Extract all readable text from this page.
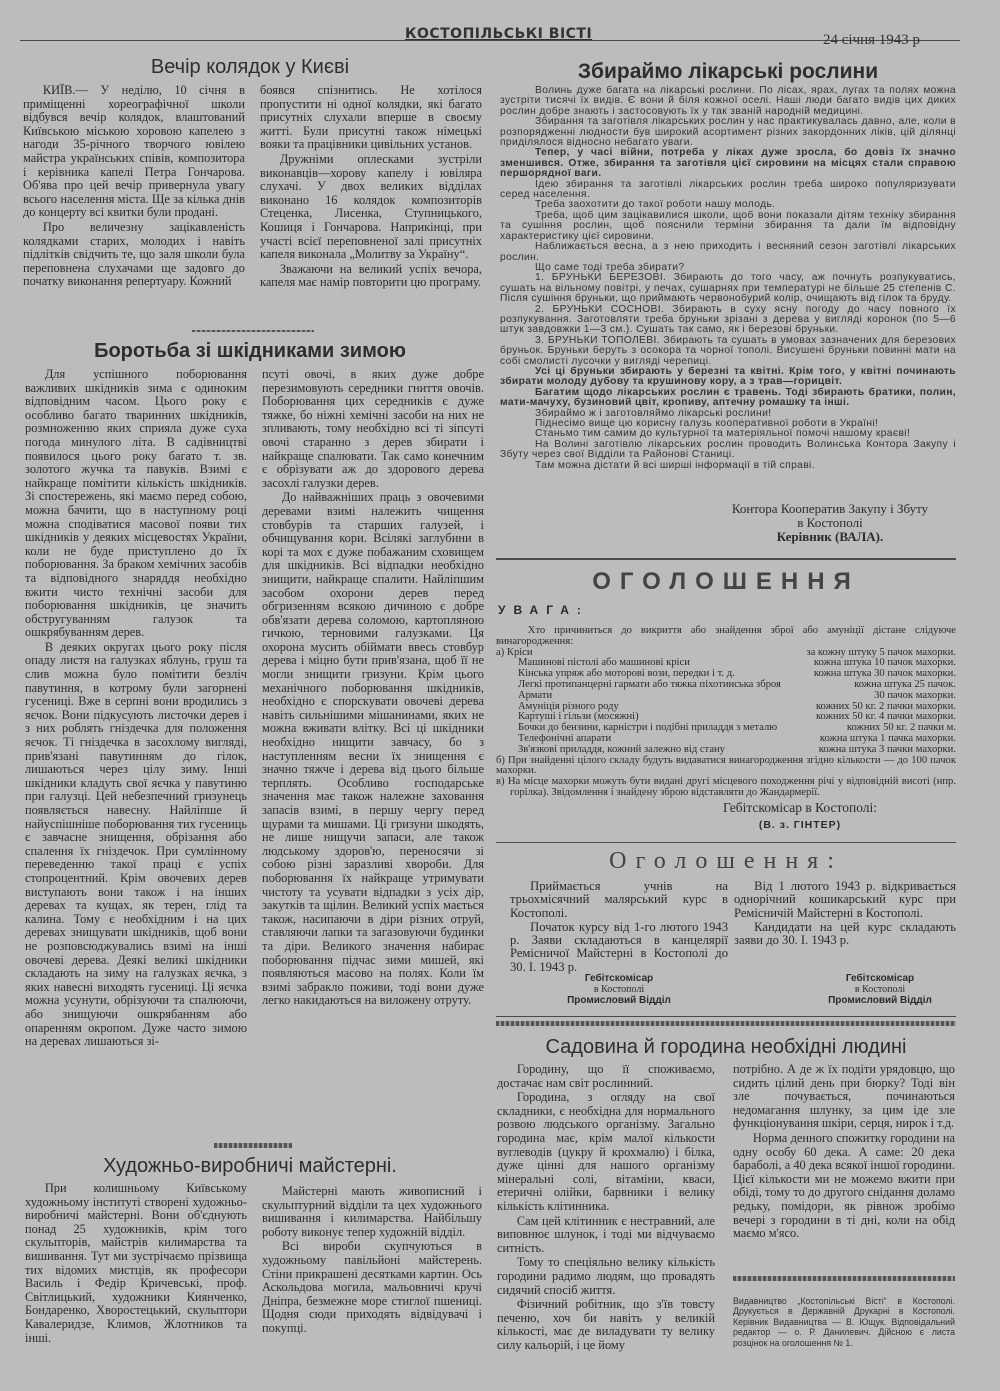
КОСТОПІЛЬСЬКІ ВІСТІ	24 січня 1943 р
Вечір колядок у Києві

КИЇВ.— У неділю, 10 січня в приміщенні хореографічної школи відбувся вечір колядок, влаштований Київською міською хоровою капелею з нагоди 35-річного творчого ювілею майстра українських співів, композитора і керівника капелі Петра Гончарова. Об'ява про цей вечір привернула увагу всього населення міста. Ще за кілька днів до концерту всі квитки були продані.

Про величезну зацікавленість колядками старих, молодих і навіть підлітків свідчить те, що заля школи була переповнена слухачами ще задовго до початку виконання репертуару. Кожний

боявся спізнитись. Не хотілося пропустити ні одної колядки, які багато присутніх слухали вперше в своєму житті. Були присутні також німецькі вояки та працівники цивільних установ.

Дружніми оплесками зустріли виконавців—хорову капелу і ювіляра слухачі. У двох великих відділах виконано 16 колядок композиторів Стеценка, Лисенка, Ступницького, Кошиця і Гончарова. Наприкінці, при участі всієї переповненої залі присутніх капеля виконала „Молитву за Україну“.

Зважаючи на великий успіх вечора, капеля має намір повторити цю програму.

Боротьба зі шкідниками зимою

Для успішного поборювання важливих шкідників зима є одиноким відповідним часом. Цього року є особливо багато тваринних шкідників, розмноженню яких сприяла дуже суха погода минулого літа. В садівництві появилося цього року багато т. зв. золотого жучка та павуків. Взимі є найкраще помітити кількість шкідників. Зі спостережень, які маємо перед собою, можна бачити, що в наступному році можна сподіватися масової появи тих шкідників у деяких місцевостях України, коли не буде приступлено до їх поборювання. За браком хемічних засобів та відповідного знаряддя необхідно вжити чисто технічні засоби для поборювання шкідників, це значить обстругуванням галузок та ошкрябуванням дерев.

В деяких округах цього року після опаду листя на галузках яблунь, груш та слив можна було помітити безліч павутиння, в котрому були загорнені гусениці. Вже в серпні вони вродились з яєчок. Вони підкусують листочки дерев і з них роблять гніздечка для положення яєчок. Ті гніздечка в засохлому вигляді, прив'язані павутинням до гілок, лишаються через цілу зиму. Інші шкідники кладуть свої яєчка у павутиню при галузці. Цей небезпечний гризунець появляється навесну. Найліпше й найуспішніше поборювання тих гусениць є завчасне знищення, обрізання або спалення їх гніздечок. При сумлінному переведенню такої праці є успіх стопроцентний. Крім овочевих дерев виступають вони також і на інших деревах та кущах, як терен, глід та калина. Тому є необхідним і на цих деревах знищувати шкідників, щоб вони не розповсюджувались взимі на інші овочеві дерева. Деякі великі шкідники складають на зиму на галузках яєчка, з яких навесні виходять гусениці. Ці яєчка можна усунути, обрізуючи та спалюючи, або знищуючи ошкрябанням або опаренням окропом. Дуже часто зимою на деревах лишаються зі-

псуті овочі, в яких дуже добре перезимовують середники гниття овочів. Поборювання цих середників є дуже тяжке, бо ніжні хемічні засоби на них не зпливають, тому необхідно всі ті зіпсуті овочі старанно з дерев збирати і найкраще спалювати. Так само конечним є обрізувати аж до здорового дерева засохлі галузки дерев.

До найважніших праць з овочевими деревами взимі належить чищення стовбурів та старших галузей, і обчищування кори. Всілякі заглубини в корі та мох є дуже побажаним сховищем для шкідників. Всі відпадки необхідно знищити, найкраще спалити. Найліпшим засобом охорони дерев перед обгризенням всякою дичиною є добре обв'язати дерева соломою, картопляною гичкою, терновими галузками. Ця охорона мусить обіймати ввесь стовбур дерева і міцно бути прив'язана, щоб її не могли знищити гризуни. Крім цього механічного поборювання шкідників, необхідно є спорскувати овочеві дерева навіть сильнішими мішанинами, яких не можна вживати влітку. Всі ці шкідники необхідно нищити завчасу, бо з наступленням весни їх знищення є значно тяжче і дерева від цього більше терплять. Особливо господарське значення має також належне заховання запасів взимі, в першу чергу перед щурами та мишами. Ці гризуни шкодять, не лише нищучи запаси, але також людському здоров'ю, переносячи зі собою різні заразливі хвороби. Для поборювання їх найкраще утримувати чистоту та усувати відпадки з усіх дір, закутків та щілин. Великий успіх мається також, насипаючи в діри різних отруй, ставляючи лапки та загазовуючи будинки та діри. Великого значення набирає поборювання підчас зими мишей, які появляються масово на полях. Коли їм взимі забракло поживи, тоді вони дуже легко накидаються на виложену отруту.

Художньо-виробничі майстерні.

При колишньому Київському художньому інституті створені художньо-виробничі майстерні. Вони об'єднують понад 25 художників, крім того скульпторів, майстрів килимарства та вишивання. Тут ми зустрічаємо прізвища тих відомих мистців, як професори Василь і Федір Кричевські, проф. Світлицький, художники Киянченко, Бондаренко, Хворостецький, скульптори Кавалеридзе, Климов, Жлотников та інші.

Майстерні мають живописний і скульптурний відділи та цех художнього вишивання і килимарства. Найбільшу роботу виконує тепер художній відділ.

Всі вироби скупчуються в художньому павільйоні майстерень. Стіни прикрашені десятками картин. Ось Аскольдова могила, мальовничі кручі Дніпра, безмежне море стиглої пшениці. Щодня сюди приходять відвідувачі і покупці.

Збираймо лікарські рослини

Волинь дуже багата на лікарські рослини. По лісах, ярах, лугах та полях можна зустріти тисячі їх видів. Є вони й біля кожної оселі. Наші люди багато видів цих диких рослин добре знають і застосовують їх у так званій народній медицині.

Збирання та заготівля лікарських рослин у нас практикувалась давно, але, коли в розпорядженні людности був широкий асортимент різних закордонних ліків, цій ділянці приділялося відносно небагато уваги.

Тепер, у часі війни, потреба у ліках дуже зросла, бо довіз їх значно зменшився. Отже, збирання та заготівля цієї сировини на місцях стали справою першорядної ваги.

Ідею збирання та заготівлі лікарських рослин треба широко популяризувати серед населення.

Треба заохотити до такої роботи нашу молодь.

Треба, щоб цим зацікавилися школи, щоб вони показали дітям техніку збирання та сушіння рослин, щоб пояснили терміни збирання та дали їм відповідну характеристику цієї сировини.

Наближається весна, а з нею приходить і весняний сезон заготівлі лікарських рослин.

Що саме тоді треба збирати?

1. БРУНЬКИ БЕРЕЗОВІ. Збирають до того часу, аж почнуть розпукуватись, сушать на вільному повітрі, у печах, сушарнях при температурі не більше 25 степенів С. Після сушіння бруньки, що приймають червонобурий колір, очищають від гілок та бруду.

2. БРУНЬКИ СОСНОВІ. Збирають в суху ясну погоду до часу повного їх розпукування. Заготовляти треба бруньки зрізані з дерева у вигляді коронок (по 5—6 штук завдовжки 1—3 см.). Сушать так само, як і березові бруньки.

3. БРУНЬКИ ТОПОЛЕВІ. Збирають та сушать в умовах зазначених для березових бруньок. Бруньки беруть з осокора та чорної тополі. Висушені бруньки повинні мати на собі смолисті лусочки у вигляді черепиці.

Усі ці бруньки збирають у березні та квітні. Крім того, у квітні починають збирати молоду дубову та крушинову кору, а з трав—горицвіт.

Багатим щодо лікарських рослин є травень. Тоді збирають братики, полин, мати-мачуху, бузиновий цвіт, кропиву, аптечну ромашку та інші.

Збираймо ж і заготовляймо лікарські рослини!

Піднесімо вище цю корисну галузь кооперативної роботи в Україні!

Станьмо тим самим до культурної та матеріяльної помочі нашому краєві!

На Волині заготівлю лікарських рослин проводить Волинська Контора Закупу і Збуту через свої Відділи та Районові Станиці.

Там можна дістати й всі ширші інформації в тій справі.

Контора Кооператив Закупу і Збуту
в Костополі
Керівник (ВАЛА).
ОГОЛОШЕННЯ
УВАГА:

Хто причиниться до викриття або знайдення зброї або амуніції дістане слідуюче винагородження:

а) Кріси	за кожну штуку 5 пачок махорки.
Машинові пістолі або машинові кріси	кожна штука 10 пачок махорки.
Кінська упряж або моторові вози, передки і т. д.	кожна штука 30 пачок махорки.
Легкі протипанцерні гармати або тяжка піхотинська зброя	кожна штука 25 пачок.
Армати	30 пачок махорки.
Амуніція різного роду	кожних 50 кг. 2 пачки махорки.
Картуші і гільзи (мосяжні)	кожних 50 кг. 4 пачки махорки.
Бочки до бензини, карністри і подібні приладдя з металю	кожних 50 кг. 2 пачки м.
Телефонічні апарати	кожна штука 1 пачка махорки.
Зв'язкові приладдя, кожний залежно від стану	кожна штука 3 пачки махорки.

б) При знайденні цілого складу будуть видаватися винагородження згідно кількости — до 100 пачок махорки.

в) На місце махорки можуть бути видані другі місцевого походження річі у відповідній висоті (нпр. горілка). Звідомлення і знайдену зброю відставляти до Жандармерії.

Гебітскомісар в Костополі:
(В. з. ГІНТЕР)
Оголошення:

Приймається учнів на трьохмісячний малярський курс в Костополі.

Початок курсу від 1-го лютого 1943 р. Заяви складаються в канцелярії Ремісничої Майстерні в Костополі до 30. І. 1943 р.

Гебітскомісар
в Костополі
Промисловий Відділ

Від 1 лютого 1943 р. відкривається однорічний кошикарський курс при Ремісничій Майстерні в Костополі.

Кандидати на цей курс складають заяви до 30. І. 1943 р.

Гебітскомісар
в Костополі
Промисловий Відділ
Садовина й городина необхідні людині

Городину, що її споживаємо, достачає нам світ рослинний.

Городина, з огляду на свої складники, є необхідна для нормального розвою людського організму. Загально городина має, крім малої кількости вуглеводів (цукру й крохмалю) і білка, дуже цінні для нашого організму мінеральні солі, вітаміни, кваси, етеричні олійки, барвники і велику кількість клітинника.

Сам цей клітинник є нестравний, але виповнює шлунок, і тоді ми відчуваємо ситність.

Тому то спеціяльно велику кількість городини радимо людям, що провадять сидячий спосіб життя.

Фізичний робітник, що з'їв товсту печеню, хоч би навіть у великій кількості, має де виладувати ту велику силу кальорій, і це йому

потрібно. А де ж їх подіти урядовцю, що сидить цілий день при бюрку? Тоді він зле почувається, починаються недомагання шлунку, за цим іде зле функціонування шкіри, серця, нирок і т.д.

Норма денного спожитку городини на одну особу 60 дека. А саме: 20 дека бараболі, а 40 дека всякої іншої городини. Цієї кількости ми не можемо вжити при обіді, тому то до другого снідання доламо редьку, помідори, як рівнож зробімо вечері з городини в ті дні, коли на обід маємо м'ясо.

Видавництво „Костопільські Вісті“ в Костополі. Друкується в Державній Друкарні в Костополі. Керівник Видавництва — В. Ющук. Відповідальний редактор — о. Р. Данилевич. Дійсною є листа розцінок на оголошення № 1.
